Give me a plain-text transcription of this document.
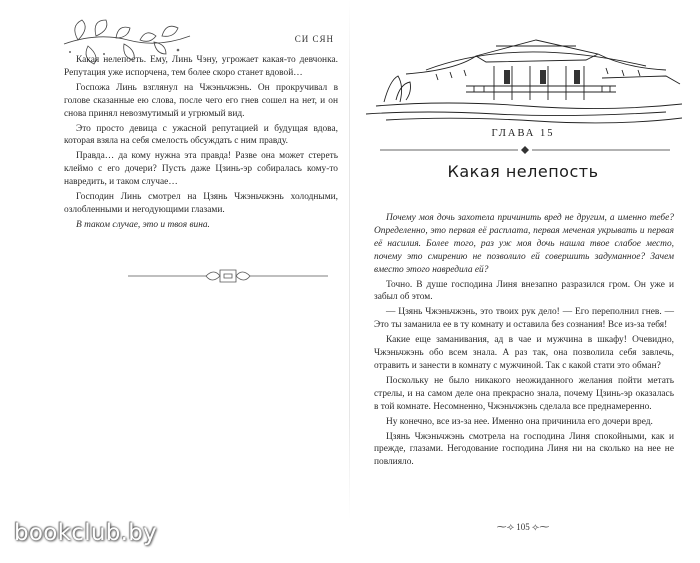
СИ СЯН

Какая нелепость. Ему, Линь Чэну, угрожает какая-то девчонка. Репутация уже испорчена, тем более скоро станет вдовой…

Госпожа Линь взглянул на Чжэньчжэнь. Он прокручивал в голове сказанные ею слова, после чего его гнев сошел на нет, и он снова принял невозмутимый и угрюмый вид.

Это просто девица с ужасной репутацией и будущая вдова, которая взяла на себя смелость обсуждать с ним правду.

Правда… да кому нужна эта правда! Разве она может стереть клеймо с его дочери? Пусть даже Цзинь-эр собиралась кому-то навредить, и таком случае…

Господин Линь смотрел на Цзянь Чжэньчжэнь холодными, озлобленными и негодующими глазами.

В таком случае, это и твоя вина.

ГЛАВА 15
Какая нелепость

Почему моя дочь захотела причинить вред не другим, а именно тебе? Определенно, это первая её расплата, первая меченая укрывать и первая её насилия. Более того, раз уж моя дочь нашла твое слабое место, почему это смирению не позволило ей совершить задуманное? Зачем вместо этого навредила ей?

Точно. В душе господина Линя внезапно разразился гром. Он уже и забыл об этом.

— Цзянь Чжэньчжэнь, это твоих рук дело! — Его переполнил гнев. — Это ты заманила ее в ту комнату и оставила без сознания! Все из-за тебя!

Какие еще заманивания, ад в чае и мужчина в шкафу! Очевидно, Чжэньчжэнь обо всем знала. А раз так, она позволила себя завлечь, отравить и занести в комнату с мужчиной. Так с какой стати это обман?

Поскольку не было никакого неожиданного желания пойти метать стрелы, и на самом деле она прекрасно знала, почему Цзинь-эр оказалась в той комнате. Несомненно, Чжэньчжэнь сделала все преднамеренно.

Ну конечно, все из-за нее. Именно она причинила его дочери вред.

Цзянь Чжэньчжэнь смотрела на господина Линя спокойными, как и прежде, глазами. Негодование господина Линя ни на сколько на нее не повлияло.

⁓⟢ 105 ⟣⁓
bookclub.by
